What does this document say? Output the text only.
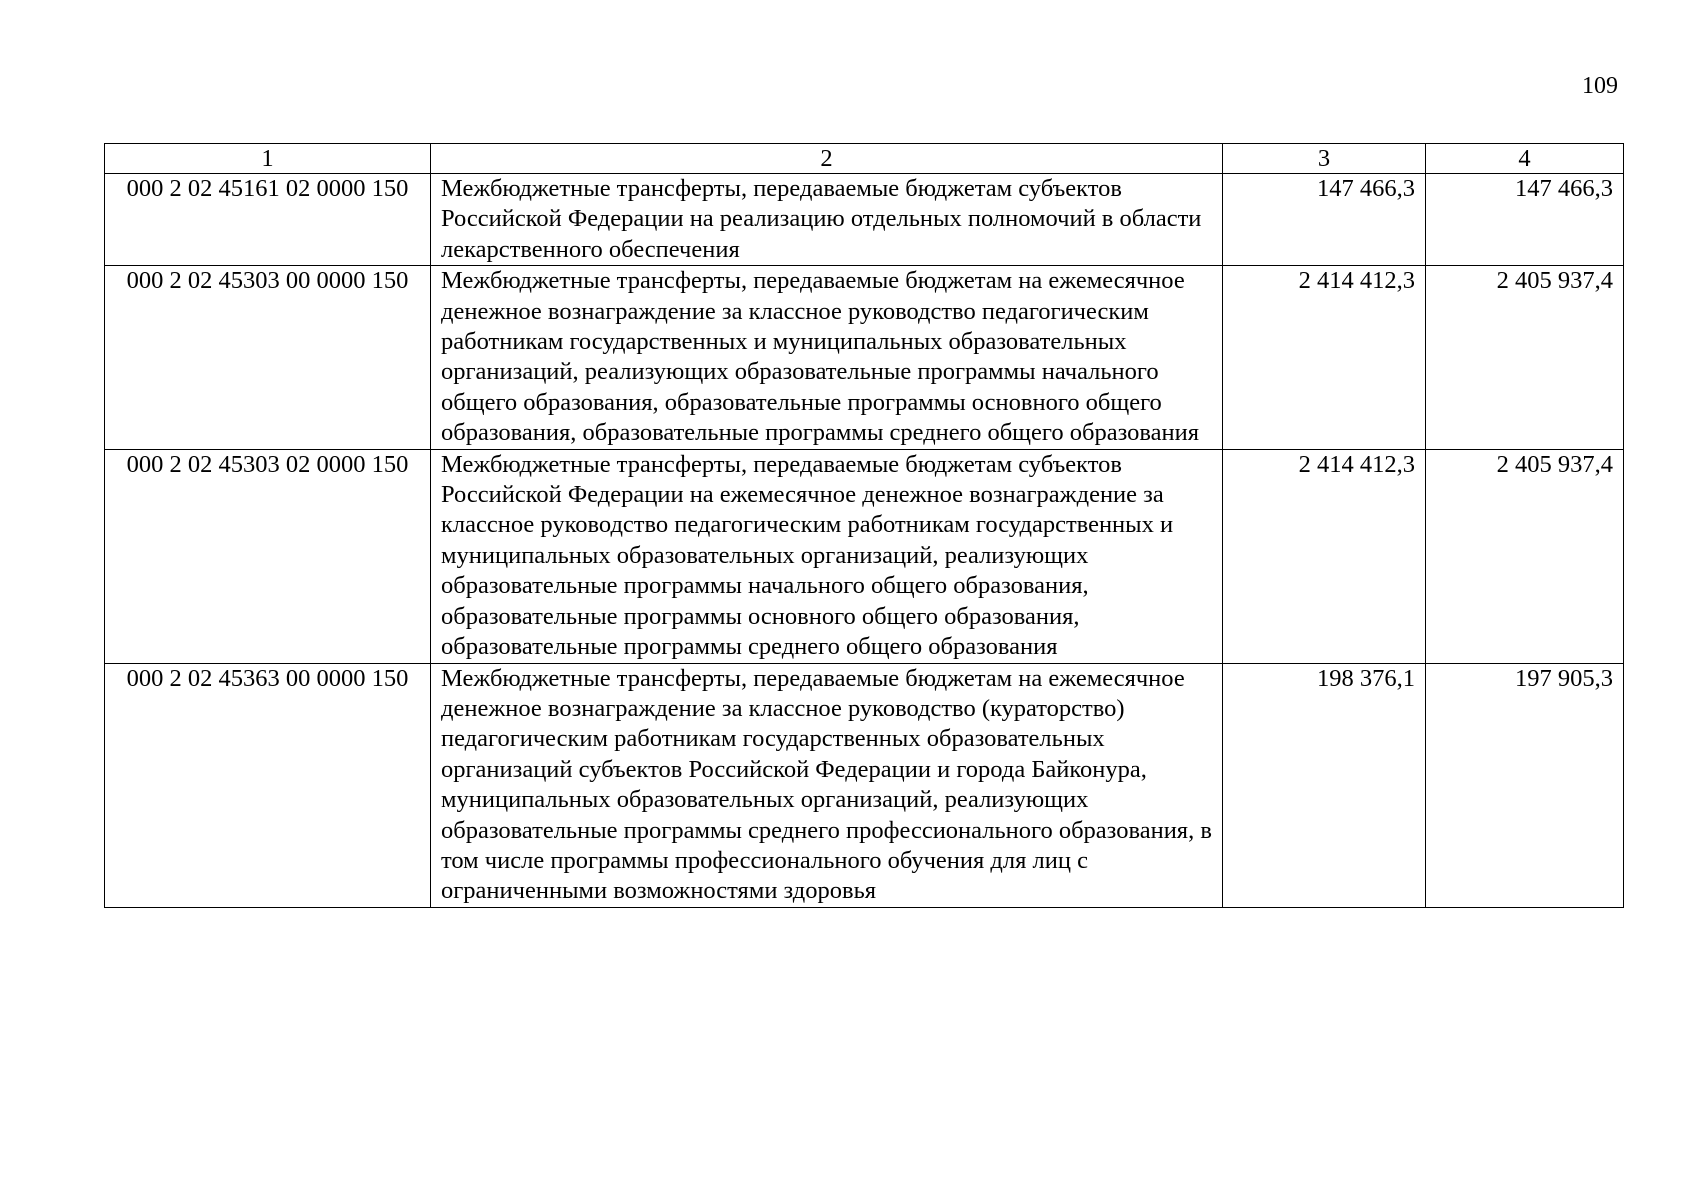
109
1	2	3	4
000 2 02 45161 02 0000 150	Межбюджетные трансферты, передаваемые бюджетам субъектов Российской Федерации на реализацию отдельных полномочий в области лекарственного обеспечения	147 466,3	147 466,3
000 2 02 45303 00 0000 150	Межбюджетные трансферты, передаваемые бюджетам на ежемесячное денежное вознаграждение за классное руководство педагогическим работникам государственных и муниципальных образовательных организаций, реализующих образовательные программы начального общего образования, образовательные программы основного общего образования, образовательные программы среднего общего образования	2 414 412,3	2 405 937,4
000 2 02 45303 02 0000 150	Межбюджетные трансферты, передаваемые бюджетам субъектов Российской Федерации на ежемесячное денежное вознаграждение за классное руководство педагогическим работникам государственных и муниципальных образовательных организаций, реализующих образовательные программы начального общего образования, образовательные программы основного общего образования, образовательные программы среднего общего образования	2 414 412,3	2 405 937,4
000 2 02 45363 00 0000 150	Межбюджетные трансферты, передаваемые бюджетам на ежемесячное денежное вознаграждение за классное руководство (кураторство) педагогическим работникам государственных образовательных организаций субъектов Российской Федерации и города Байконура, муниципальных образовательных организаций, реализующих образовательные программы среднего профессионального образования, в том числе программы профессионального обучения для лиц с ограниченными возможностями здоровья	198 376,1	197 905,3
